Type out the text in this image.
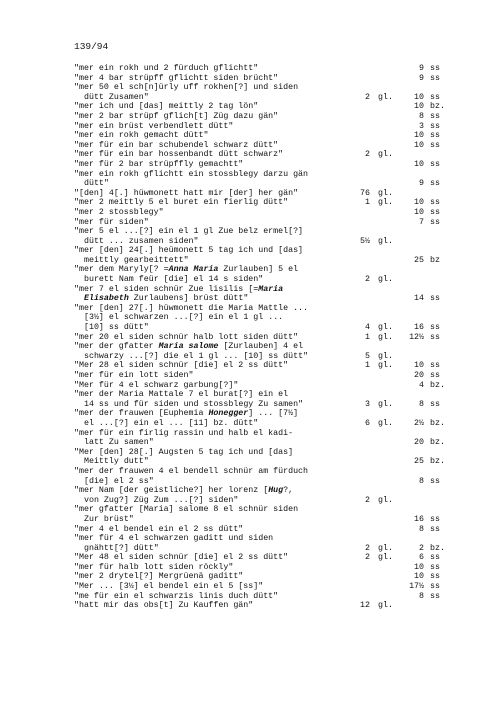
139/94
"mer ein rokh und 2 fürduch gflichtt"	9 ss
"mer 4 bar strüpff gflichtt siden brücht"	9 ss
"mer 50 el sch[n]ürly uff rokhen[?] und siden
dütt Zusamen"	2 gl.	10 ss
"mer ich und [das] meittly 2 tag lön"	10 bz.
"mer 2 bar strüpf gflich[t] Züg dazu gän"	8 ss
"mer ein brüst verbendlett dütt"	3 ss
"mer ein rokh gemacht dütt"	10 ss
"mer für ein bar schubendel schwarz dütt"	10 ss
"mer für ein bar hossenbandt dütt schwarz"	2 gl.
"mer für 2 bar strüpffly gemachtt"	10 ss
"mer ein rokh gflichtt ein stossblegy darzu gän
dütt"	9 ss
"[den] 4[.] hüwmonett hatt mir [der] her gän"	76 gl.
"mer 2 meittly 5 el buret ein fierlig dütt"	1 gl.	10 ss
"mer 2 stossblegy"	10 ss
"mer für siden"	7 ss
"mer 5 el ...[?] ein el 1 gl Zue belz ermel[?]
dütt ... zusamen siden"	5½ gl.
"mer [den] 24[.] heümonett 5 tag ich und [das]
meittly gearbeittett"	25 bz
"mer dem Maryly[? =Anna Maria Zurlauben] 5 el
burett Nam feür [die] el 14 s siden"	2 gl.
"mer 7 el siden schnür Zue lisilis [=Maria
Elisabeth Zurlaubens] brüst dütt"	14 ss
"mer [den] 27[.] hüwmonett die Maria Mattle ...
[3½] el schwarzen ...[?] ein el 1 gl ...
[10] ss dütt"	4 gl.	16 ss
"mer 20 el siden schnür halb lott siden dütt"	1 gl. 12½ ss
"mer der gfatter Maria salome [Zurlauben] 4 el
schwarzy ...[?] die el 1 gl ... [10] ss dütt"	5 gl.
"Mer 28 el siden schnür [die] el 2 ss dütt"	1 gl.	10 ss
"mer für ein lott siden"	20 ss
"Mer für 4 el schwarz garbung[?]"	4 bz.
"mer der Maria Mattale 7 el burat[?] ein el
14 ss und für siden und stossblegy Zu samen"	3 gl.	8 ss
"mer der frauwen [Euphemia Honegger] ... [7½]
el ...[?] ein el ... [11] bz. dütt"	6 gl.	2½ bz.
"mer für ein firlig rassin und halb el kadi-
latt Zu samen"	20 bz.
"Mer [den] 28[.] Augsten 5 tag ich und [das]
Meittly dutt"	25 bz.
"mer der frauwen 4 el bendell schnür am fürduch
[die] el 2 ss"	8 ss
"mer Nam [der geistliche?] her lorenz [Hug?,
von Zug?] Züg Zum ...[?] siden"	2 gl.
"mer gfatter [Maria] salome 8 el schnür siden
Zur brüst"	16 ss
"mer 4 el bendel ein el 2 ss dütt"	8 ss
"mer für 4 el schwarzen gaditt und siden
gnähtt[?] dütt"	2 gl.	2 bz.
"Mer 48 el siden schnür [die] el 2 ss dütt"	2 gl.	6 ss
"mer für halb lott siden röckly"	10 ss
"mer 2 drytel[?] Mergrüenä gaditt"	10 ss
"Mer ... [3½] el bendel ein el 5 [ss]"	17½ ss
"me für ein el schwarzis linis duch dütt"	8 ss
"hatt mir das obs[t] Zu Kauffen gän"	12 gl.
